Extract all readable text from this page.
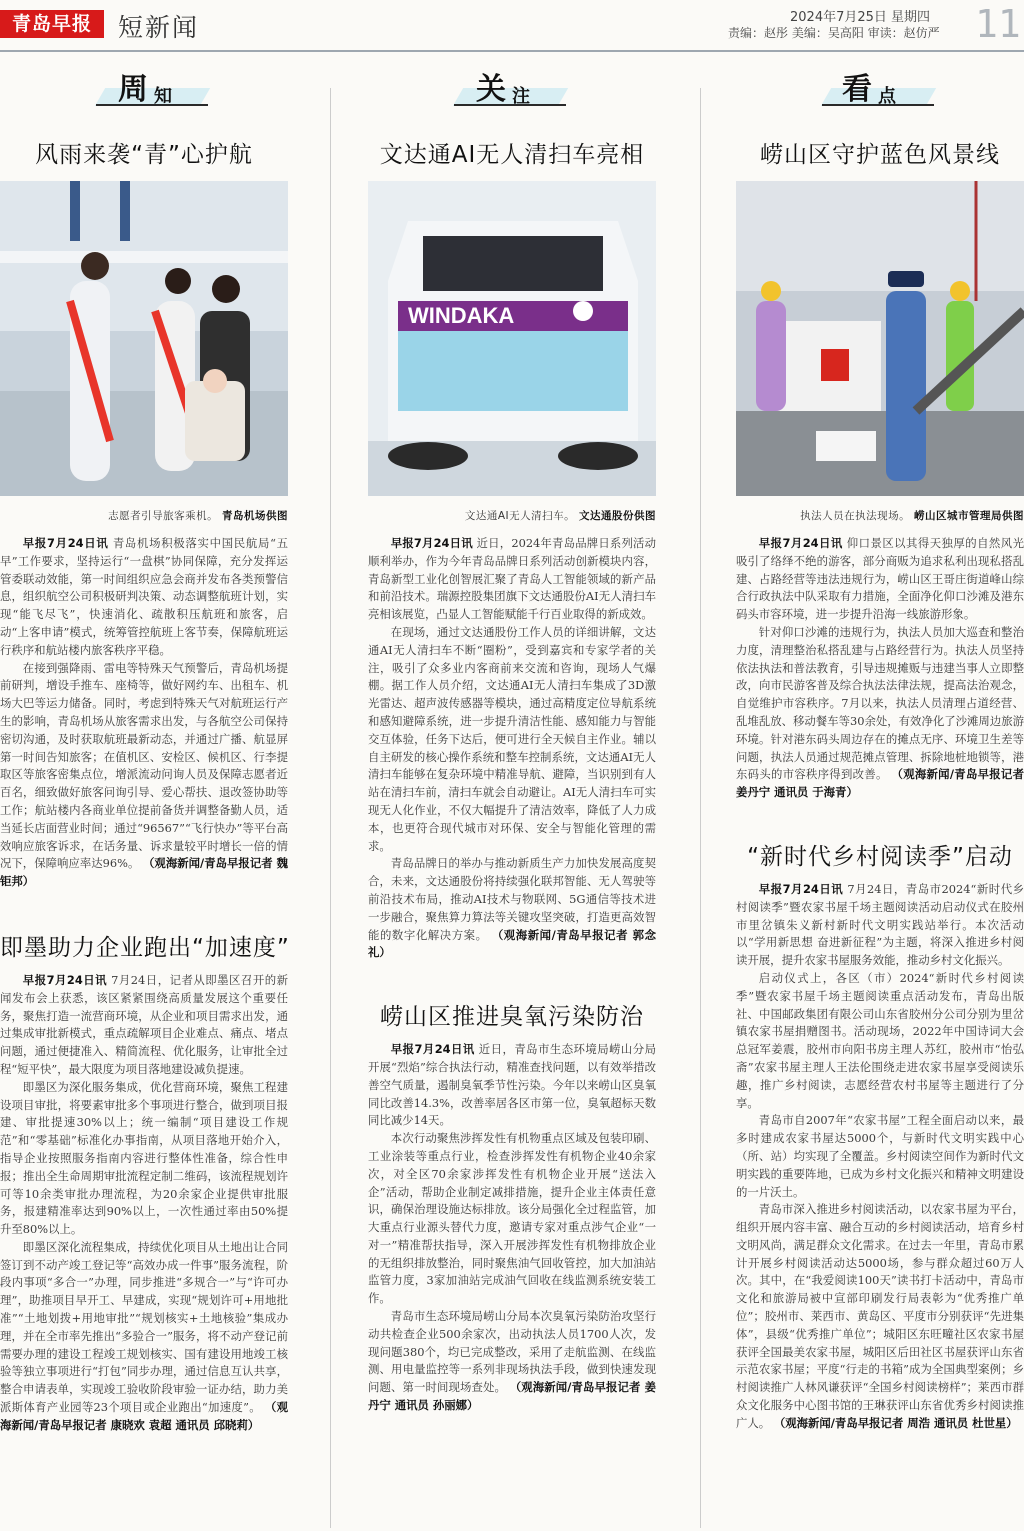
青岛早报	短新闻	2024年7月25日 星期四
责编：赵彤 美编：吴高阳 审读：赵仿严 11
周 知
风雨来袭“青”心护航
志愿者引导旅客乘机。 青岛机场供图

早报7月24日讯 青岛机场积极落实中国民航局“五早”工作要求，坚持运行“一盘棋”协同保障，充分发挥运管委联动效能，第一时间组织应急会商并发布各类预警信息，组织航空公司积极研判决策、动态调整航班计划，实现“能飞尽飞”，快速消化、疏散积压航班和旅客，启动“上客申请”模式，统筹管控航班上客节奏，保障航班运行秩序和航站楼内旅客秩序平稳。

在接到强降雨、雷电等特殊天气预警后，青岛机场提前研判，增设手推车、座椅等，做好网约车、出租车、机场大巴等运力储备。同时，考虑到特殊天气对航班运行产生的影响，青岛机场从旅客需求出发，与各航空公司保持密切沟通，及时获取航班最新动态，并通过广播、航显屏第一时间告知旅客；在值机区、安检区、候机区、行李提取区等旅客密集点位，增派流动问询人员及保障志愿者近百名，细致做好旅客问询引导、爱心帮扶、退改签协助等工作；航站楼内各商业单位提前备货并调整备勤人员，适当延长店面营业时间；通过“96567”“飞行快办”等平台高效响应旅客诉求，在话务量、诉求量较平时增长一倍的情况下，保障响应率达96%。 （观海新闻/青岛早报记者 魏钜邦）

即墨助力企业跑出“加速度”

早报7月24日讯 7月24日，记者从即墨区召开的新闻发布会上获悉，该区紧紧围绕高质量发展这个重要任务，聚焦打造一流营商环境，从企业和项目需求出发，通过集成审批新模式，重点疏解项目企业难点、痛点、堵点问题，通过便捷准入、精简流程、优化服务，让审批全过程“短平快”，最大限度为项目落地建设减负提速。

即墨区为深化服务集成，优化营商环境，聚焦工程建设项目审批，将要素审批多个事项进行整合，做到项目报建、审批提速30%以上；统一编制“项目建设工作规范”和“零基础”标准化办事指南，从项目落地开始介入，指导企业按照服务指南内容进行整体性准备，综合性申报；推出全生命周期审批流程定制二维码，该流程规划许可等10余类审批办理流程，为20余家企业提供审批服务，报建精准率达到90%以上，一次性通过率由50%提升至80%以上。

即墨区深化流程集成，持续优化项目从土地出让合同签订到不动产竣工登记等“高效办成一件事”服务流程，阶段内事项“多合一”办理，同步推进“多规合一”与“许可办理”，助推项目早开工、早建成，实现“规划许可+用地批准”“土地划拨+用地审批”“规划核实+土地核验”集成办理，并在全市率先推出“多验合一”服务，将不动产登记前需要办理的建设工程竣工规划核实、国有建设用地竣工核验等独立事项进行“打包”同步办理，通过信息互认共享，整合申请表单，实现竣工验收阶段审验一证办结，助力美派斯体育产业园等23个项目或企业跑出“加速度”。 （观海新闻/青岛早报记者 康晓欢 袁超 通讯员 邱晓莉）

关 注
文达通AI无人清扫车亮相
WINDAKA
文达通AI无人清扫车。 文达通股份供图

早报7月24日讯 近日，2024年青岛品牌日系列活动顺利举办，作为今年青岛品牌日系列活动创新模块内容，青岛新型工业化创智展汇聚了青岛人工智能领域的新产品和前沿技术。瑞源控股集团旗下文达通股份AI无人清扫车亮相该展览，凸显人工智能赋能千行百业取得的新成效。

在现场，通过文达通股份工作人员的详细讲解，文达通AI无人清扫车不断“圈粉”，受到嘉宾和专家学者的关注，吸引了众多业内客商前来交流和咨询，现场人气爆棚。据工作人员介绍，文达通AI无人清扫车集成了3D激光雷达、超声波传感器等模块，通过高精度定位导航系统和感知避障系统，进一步提升清洁性能、感知能力与智能交互体验，任务下达后，便可进行全天候自主作业。辅以自主研发的核心操作系统和整车控制系统，文达通AI无人清扫车能够在复杂环境中精准导航、避障，当识别到有人站在清扫车前，清扫车就会自动避让。AI无人清扫车可实现无人化作业，不仅大幅提升了清洁效率，降低了人力成本，也更符合现代城市对环保、安全与智能化管理的需求。

青岛品牌日的举办与推动新质生产力加快发展高度契合，未来，文达通股份将持续强化联邦智能、无人驾驶等前沿技术布局，推动AI技术与物联网、5G通信等技术进一步融合，聚焦算力算法等关键攻坚突破，打造更高效智能的数字化解决方案。 （观海新闻/青岛早报记者 郭念礼）

崂山区推进臭氧污染防治

早报7月24日讯 近日，青岛市生态环境局崂山分局开展“烈焰”综合执法行动，精准查找问题，以有效举措改善空气质量，遏制臭氧季节性污染。今年以来崂山区臭氧同比改善14.3%，改善率居各区市第一位，臭氧超标天数同比减少14天。

本次行动聚焦涉挥发性有机物重点区域及包装印刷、工业涂装等重点行业，检查涉挥发性有机物企业40余家次，对全区70余家涉挥发性有机物企业开展“送法入企”活动，帮助企业制定减排措施，提升企业主体责任意识，确保治理设施达标排放。该分局强化全过程监管，加大重点行业源头替代力度，邀请专家对重点涉气企业“一对一”精准帮扶指导，深入开展涉挥发性有机物排放企业的无组织排放整治，同时聚焦油气回收管控，加大加油站监管力度，3家加油站完成油气回收在线监测系统安装工作。

青岛市生态环境局崂山分局本次臭氧污染防治攻坚行动共检查企业500余家次，出动执法人员1700人次，发现问题380个，均已完成整改，采用了走航监测、在线监测、用电量监控等一系列非现场执法手段，做到快速发现问题、第一时间现场查处。 （观海新闻/青岛早报记者 姜丹宁 通讯员 孙丽娜）

看 点
崂山区守护蓝色风景线
执法人员在执法现场。 崂山区城市管理局供图

早报7月24日讯 仰口景区以其得天独厚的自然风光吸引了络绎不绝的游客，部分商贩为追求私利出现私搭乱建、占路经营等违法违规行为，崂山区王哥庄街道峰山综合行政执法中队采取有力措施，全面净化仰口沙滩及港东码头市容环境，进一步提升沿海一线旅游形象。

针对仰口沙滩的违规行为，执法人员加大巡查和整治力度，清理整治私搭乱建与占路经营行为。执法人员坚持依法执法和普法教育，引导违规摊贩与违建当事人立即整改，向市民游客普及综合执法法律法规，提高法治观念，自觉维护市容秩序。7月以来，执法人员清理占道经营、乱堆乱放、移动餐车等30余处，有效净化了沙滩周边旅游环境。针对港东码头周边存在的摊点无序、环境卫生差等问题，执法人员通过规范摊点管理、拆除地桩地锁等，港东码头的市容秩序得到改善。 （观海新闻/青岛早报记者 姜丹宁 通讯员 于海青）

“新时代乡村阅读季”启动

早报7月24日讯 7月24日，青岛市2024“新时代乡村阅读季”暨农家书屋千场主题阅读活动启动仪式在胶州市里岔镇朱义新村新时代文明实践站举行。本次活动以“学用新思想 奋进新征程”为主题，将深入推进乡村阅读开展，提升农家书屋服务效能，推动乡村文化振兴。

启动仪式上，各区（市）2024“新时代乡村阅读季”暨农家书屋千场主题阅读重点活动发布，青岛出版社、中国邮政集团有限公司山东省胶州分公司分别为里岔镇农家书屋捐赠图书。活动现场，2022年中国诗词大会总冠军姜震，胶州市向阳书房主理人苏红，胶州市“怡弘斋”农家书屋主理人王法伦围绕走进农家书屋享受阅读乐趣，推广乡村阅读，志愿经营农村书屋等主题进行了分享。

青岛市自2007年“农家书屋”工程全面启动以来，最多时建成农家书屋达5000个，与新时代文明实践中心（所、站）均实现了全覆盖。乡村阅读空间作为新时代文明实践的重要阵地，已成为乡村文化振兴和精神文明建设的一片沃土。

青岛市深入推进乡村阅读活动，以农家书屋为平台，组织开展内容丰富、融合互动的乡村阅读活动，培育乡村文明风尚，满足群众文化需求。在过去一年里，青岛市累计开展乡村阅读活动达5000场，参与群众超过60万人次。其中，在“我爱阅读100天”读书打卡活动中，青岛市文化和旅游局被中宣部印刷发行局表彰为“优秀推广单位”；胶州市、莱西市、黄岛区、平度市分别获评“先进集体”，县级“优秀推广单位”；城阳区东旺疃社区农家书屋获评全国最美农家书屋，城阳区后田社区书屋获评山东省示范农家书屋；平度“行走的书箱”成为全国典型案例；乡村阅读推广人林风谦获评“全国乡村阅读榜样”；莱西市群众文化服务中心图书馆的王琳获评山东省优秀乡村阅读推广人。 （观海新闻/青岛早报记者 周浩 通讯员 杜世星）
